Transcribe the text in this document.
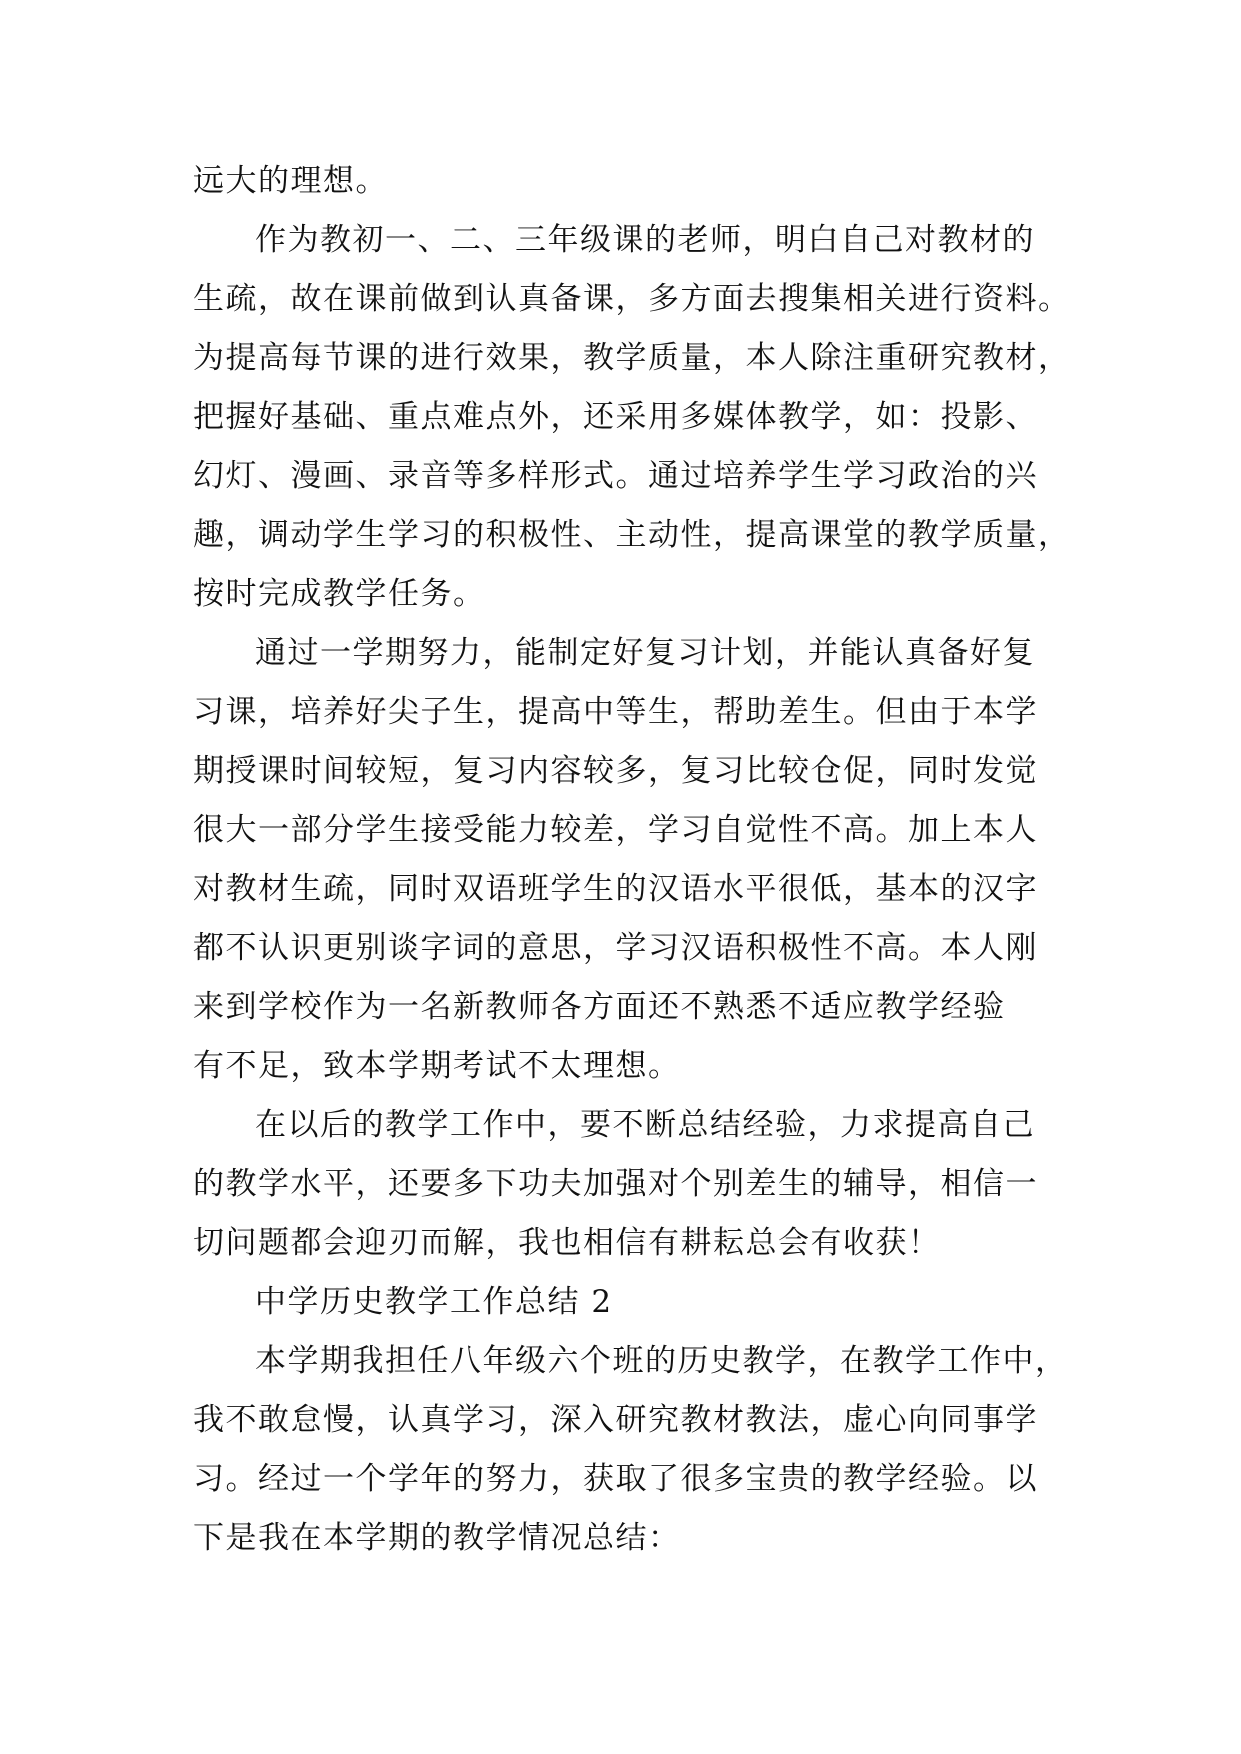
远大的理想。
作为教初一、二、三年级课的老师，明白自己对教材的
生疏，故在课前做到认真备课，多方面去搜集相关进行资料。
为提高每节课的进行效果，教学质量，本人除注重研究教材，
把握好基础、重点难点外，还采用多媒体教学，如：投影、
幻灯、漫画、录音等多样形式。通过培养学生学习政治的兴
趣，调动学生学习的积极性、主动性，提高课堂的教学质量，
按时完成教学任务。
通过一学期努力，能制定好复习计划，并能认真备好复
习课，培养好尖子生，提高中等生，帮助差生。但由于本学
期授课时间较短，复习内容较多，复习比较仓促，同时发觉
很大一部分学生接受能力较差，学习自觉性不高。加上本人
对教材生疏，同时双语班学生的汉语水平很低，基本的汉字
都不认识更别谈字词的意思，学习汉语积极性不高。本人刚
来到学校作为一名新教师各方面还不熟悉不适应教学经验
有不足，致本学期考试不太理想。
在以后的教学工作中，要不断总结经验，力求提高自己
的教学水平，还要多下功夫加强对个别差生的辅导，相信一
切问题都会迎刃而解，我也相信有耕耘总会有收获！
中学历史教学工作总结 2
本学期我担任八年级六个班的历史教学，在教学工作中，
我不敢怠慢，认真学习，深入研究教材教法，虚心向同事学
习。经过一个学年的努力，获取了很多宝贵的教学经验。以
下是我在本学期的教学情况总结：
